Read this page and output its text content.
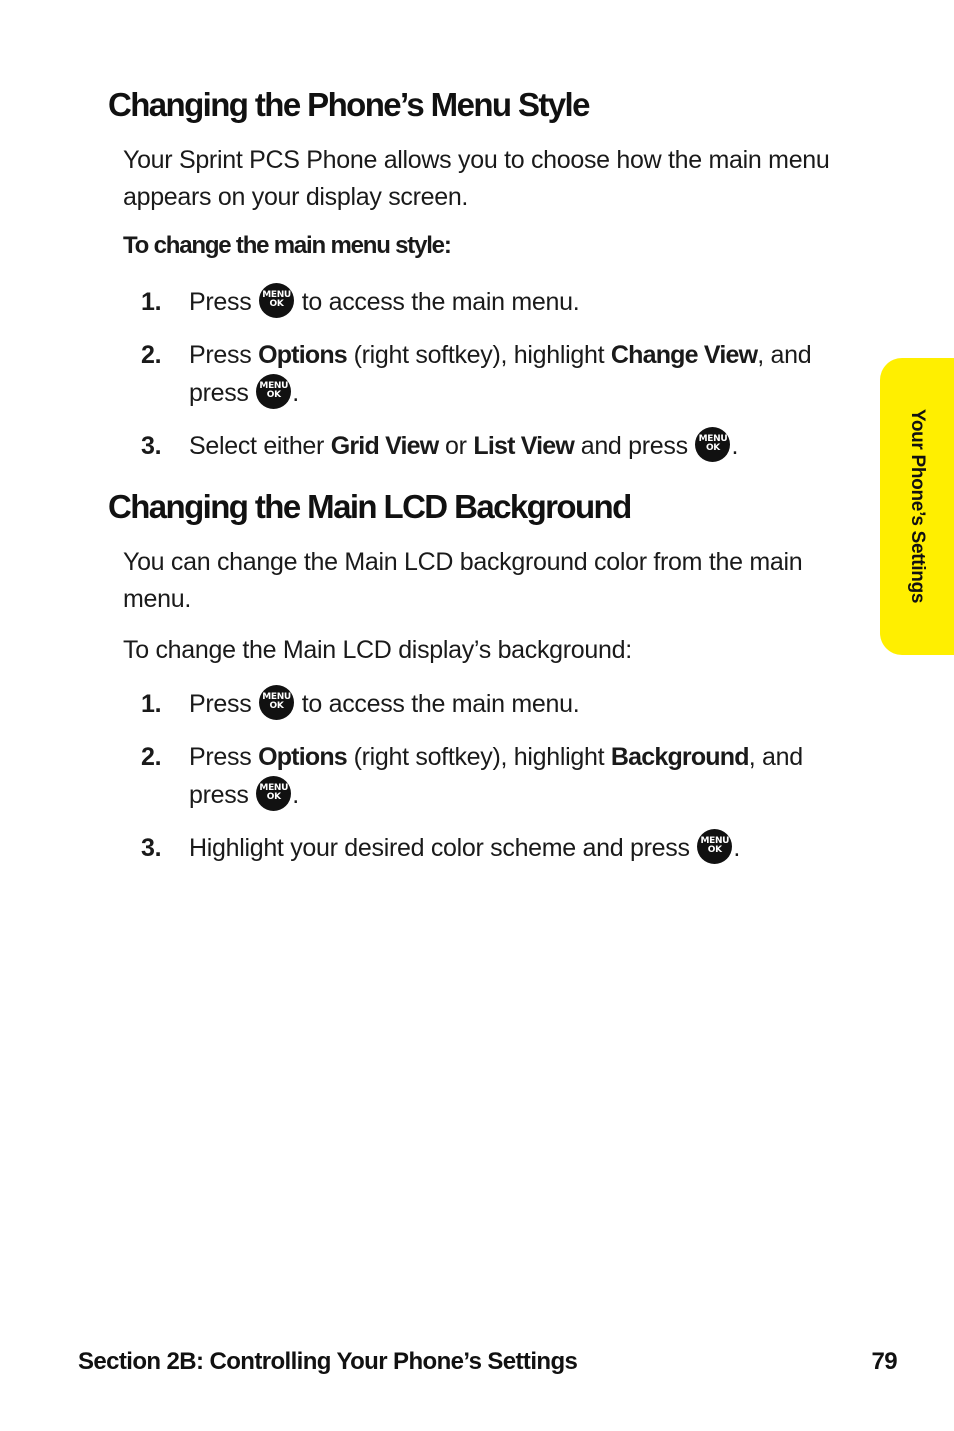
Changing the Phone’s Menu Style

Your Sprint PCS Phone allows you to choose how the main menu appears on your display screen.

To change the main menu style:

1.	Press	MENU
OK to access the main menu.
2.	Press Options (right softkey), highlight Change View, and press	MENU
OK .
3.	Select either Grid View or List View and press	MENU
OK .
Changing the Main LCD Background

You can change the Main LCD background color from the main menu.

To change the Main LCD display’s background:

1.	Press	MENU
OK to access the main menu.
2.	Press Options (right softkey), highlight Background, and press	MENU
OK .
3.	Highlight your desired color scheme and press	MENU
OK .
Your Phone’s Settings
Section 2B: Controlling Your Phone’s Settings	79
